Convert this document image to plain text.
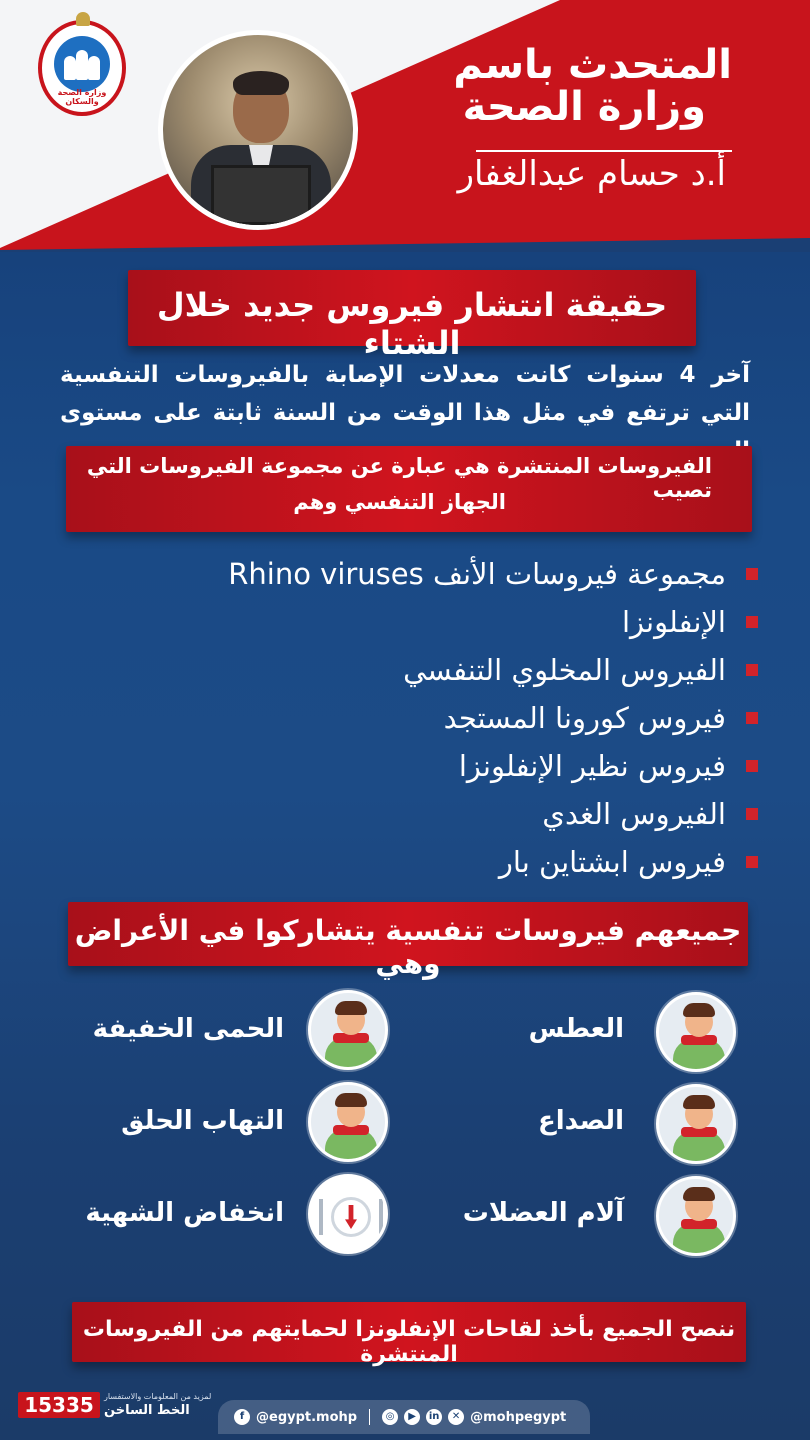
وزارة الصحة والسكان
المتحدث باسم
وزارة الصحة
أ.د حسام عبدالغفار
حقيقة انتشار فيروس جديد خلال الشتاء
آخر 4 سنوات كانت معدلات الإصابة بالفيروسات التنفسية التي ترتفع في مثل هذا الوقت من السنة ثابتة على مستوى
الفيروسات المنتشرة هي عبارة عن مجموعة الفيروسات التي تصيب
الجهاز التنفسي وهم
مجموعة فيروسات الأنف Rhino viruses
الإنفلونزا
الفيروس المخلوي التنفسي
فيروس كورونا المستجد
فيروس نظير الإنفلونزا
الفيروس الغدي
فيروس ابشتاين بار
جميعهم فيروسات تنفسية يتشاركوا في الأعراض وهي
العطس
الصداع
آلام العضلات
الحمى الخفيفة
التهاب الحلق
انخفاض الشهية
ننصح الجميع بأخذ لقاحات الإنفلونزا لحمايتهم من الفيروسات المنتشرة
15335	لمزيد من المعلومات والاستفسار
الخط الساخن	f @egypt.mohp	◎	▶	in	✕ @mohpegypt
